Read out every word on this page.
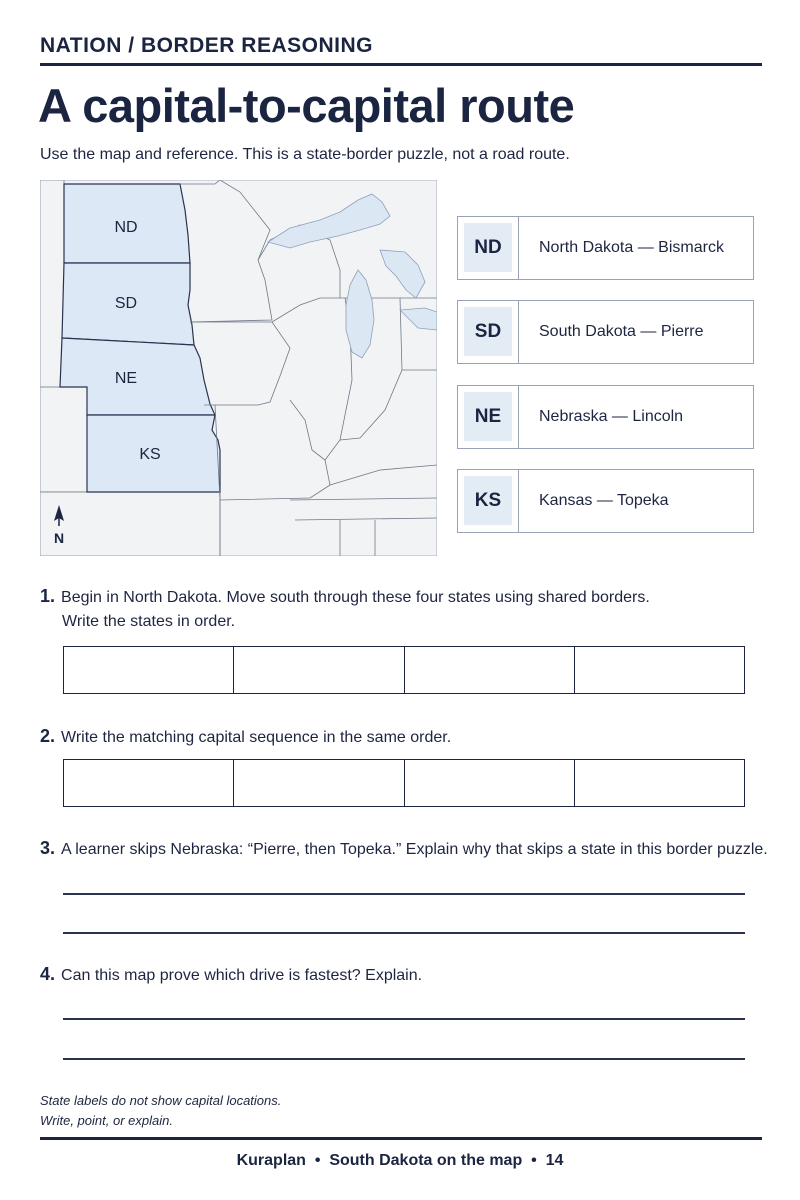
NATION / BORDER REASONING
A capital-to-capital route
Use the map and reference. This is a state-border puzzle, not a road route.
ND
SD
NE
KS
N
ND	North Dakota — Bismarck
SD	South Dakota — Pierre
NE	Nebraska — Lincoln
KS	Kansas — Topeka
1. Begin in North Dakota. Move south through these four states using shared borders.
Write the states in order.
2. Write the matching capital sequence in the same order.
3. A learner skips Nebraska: “Pierre, then Topeka.” Explain why that skips a state in this border puzzle.
4. Can this map prove which drive is fastest? Explain.
State labels do not show capital locations.
Write, point, or explain.
Kuraplan  •  South Dakota on the map  •  14
